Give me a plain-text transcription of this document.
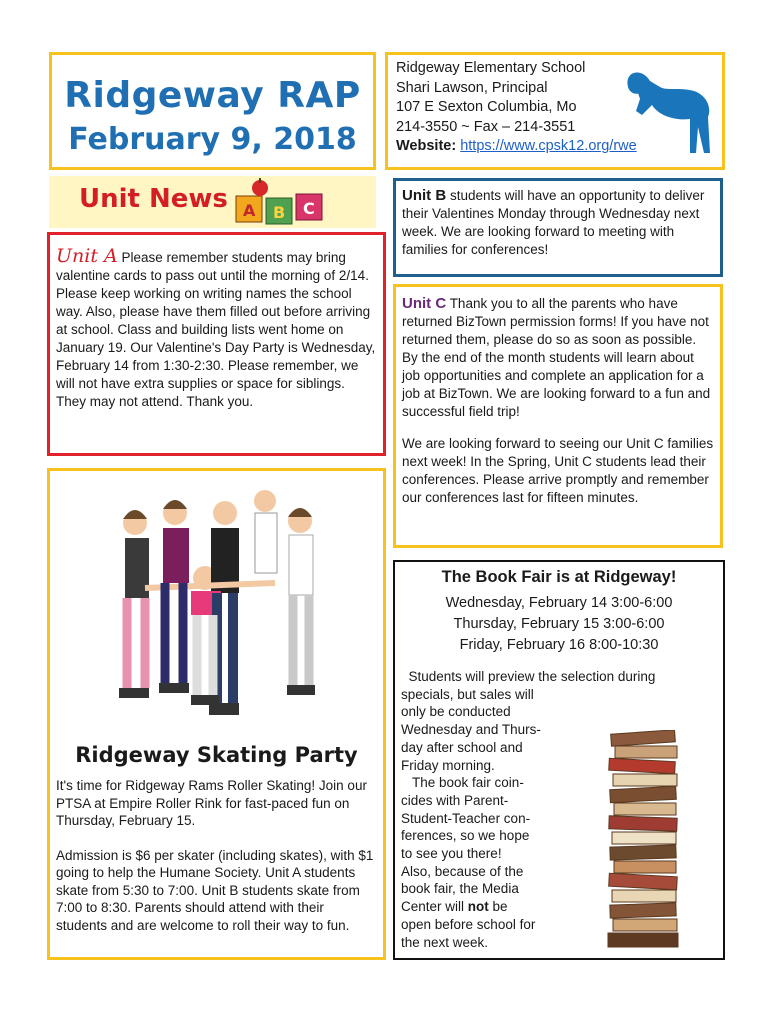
Ridgeway RAP
February 9, 2018
Ridgeway Elementary School
Shari Lawson, Principal
107 E Sexton Columbia, Mo
214-3550 ~ Fax – 214-3551
Website: https://www.cpsk12.org/rwe
Unit News A B C
Unit A Please remember students may bring valentine cards to pass out until the morning of 2/14. Please keep working on writing names the school way. Also, please have them filled out before arriving at school. Class and building lists went home on January 19. Our Valentine's Day Party is Wednesday, February 14 from 1:30-2:30. Please remember, we will not have extra supplies or space for siblings. They may not attend. Thank you.
Unit B students will have an opportunity to deliver their Valentines Monday through Wednesday next week. We are looking forward to meeting with families for conferences!

Unit C Thank you to all the parents who have returned BizTown permission forms! If you have not returned them, please do so as soon as possible. By the end of the month students will learn about job opportunities and complete an application for a job at BizTown. We are looking forward to a fun and successful field trip!

We are looking forward to seeing our Unit C families next week! In the Spring, Unit C students lead their conferences. Please arrive promptly and remember our conferences last for fifteen minutes.

Ridgeway Skating Party

It's time for Ridgeway Rams Roller Skating! Join our PTSA at Empire Roller Rink for fast-paced fun on Thursday, February 15.

Admission is $6 per skater (including skates), with $1 going to help the Humane Society. Unit A students skate from 5:30 to 7:00. Unit B students skate from 7:00 to 8:30. Parents should attend with their students and are welcome to roll their way to fun.

The Book Fair is at Ridgeway!
Wednesday, February 14 3:00-6:00
Thursday, February 15 3:00-6:00
Friday, February 16 8:00-10:30
Students will preview the selection during
specials, but sales will
only be conducted
Wednesday and Thurs-
day after school and
Friday morning.
The book fair coin-
cides with Parent-
Student-Teacher con-
ferences, so we hope
to see you there!
Also, because of the
book fair, the Media
Center will not be
open before school for
the next week.
